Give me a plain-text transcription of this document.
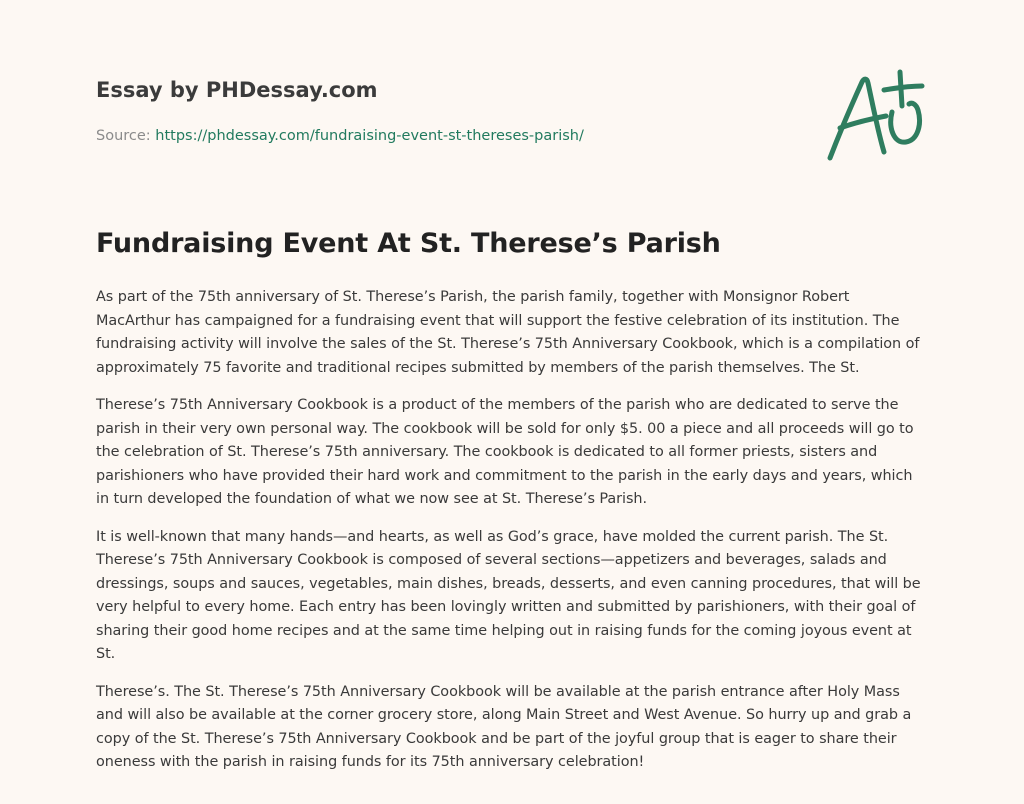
Essay by PHDessay.com
Source: https://phdessay.com/fundraising-event-st-thereses-parish/
Fundraising Event At St. Therese’s Parish

As part of the 75th anniversary of St. Therese’s Parish, the parish family, together with Monsignor Robert MacArthur has campaigned for a fundraising event that will support the festive celebration of its institution. The fundraising activity will involve the sales of the St. Therese’s 75th Anniversary Cookbook, which is a compilation of approximately 75 favorite and traditional recipes submitted by members of the parish themselves. The St.

Therese’s 75th Anniversary Cookbook is a product of the members of the parish who are dedicated to serve the parish in their very own personal way. The cookbook will be sold for only $5. 00 a piece and all proceeds will go to the celebration of St. Therese’s 75th anniversary. The cookbook is dedicated to all former priests, sisters and parishioners who have provided their hard work and commitment to the parish in the early days and years, which in turn developed the foundation of what we now see at St. Therese’s Parish.

It is well-known that many hands—and hearts, as well as God’s grace, have molded the current parish. The St. Therese’s 75th Anniversary Cookbook is composed of several sections—appetizers and beverages, salads and dressings, soups and sauces, vegetables, main dishes, breads, desserts, and even canning procedures, that will be very helpful to every home. Each entry has been lovingly written and submitted by parishioners, with their goal of sharing their good home recipes and at the same time helping out in raising funds for the coming joyous event at St.

Therese’s. The St. Therese’s 75th Anniversary Cookbook will be available at the parish entrance after Holy Mass and will also be available at the corner grocery store, along Main Street and West Avenue. So hurry up and grab a copy of the St. Therese’s 75th Anniversary Cookbook and be part of the joyful group that is eager to share their oneness with the parish in raising funds for its 75th anniversary celebration!
